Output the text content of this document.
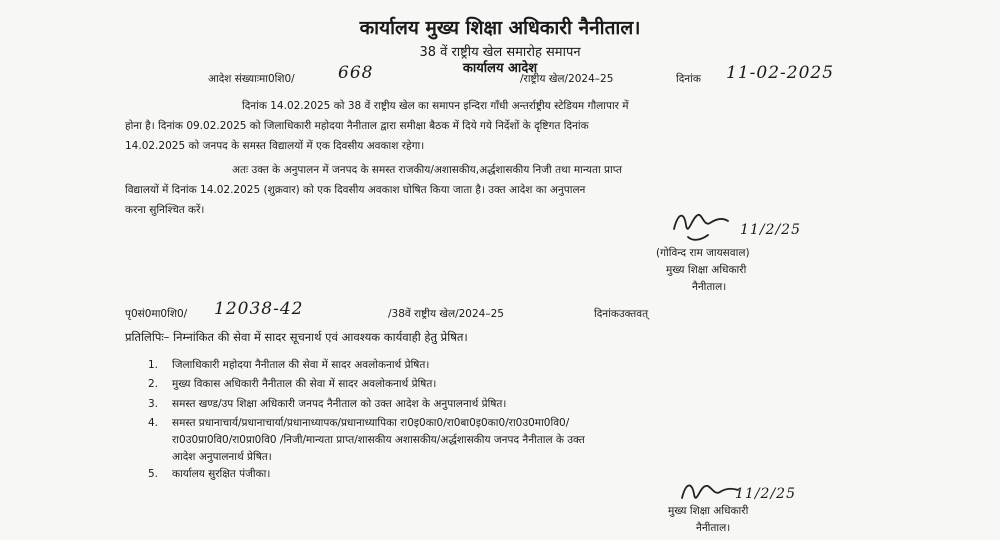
कार्यालय मुख्य शिक्षा अधिकारी नैनीताल।
38 वें राष्ट्रीय खेल समारोह समापन
कार्यालय आदेश
आदेश संख्याःमा0शि0/	668	/राष्ट्रीय खेल/2024–25	दिनांक 11-02-2025
दिनांक 14.02.2025 को 38 वें राष्ट्रीय खेल का समापन इन्दिरा गाँधी अन्तर्राष्ट्रीय स्टेडियम गौलापार में
होना है। दिनांक 09.02.2025 को जिलाधिकारी महोदया नैनीताल द्वारा समीक्षा बैठक में दिये गये निर्देशों के दृष्टिगत दिनांक
14.02.2025 को जनपद के समस्त विद्यालयों में एक दिवसीय अवकाश रहेगा।
अतः उक्त के अनुपालन में जनपद के समस्त राजकीय/अशासकीय,अर्द्धशासकीय निजी तथा मान्यता प्राप्त
विद्यालयों में दिनांक 14.02.2025 (शुक्रवार) को एक दिवसीय अवकाश घोषित किया जाता है। उक्त आदेश का अनुपालन
करना सुनिश्चित करें।
11/2/25
(गोविन्द राम जायसवाल)
मुख्य शिक्षा अधिकारी
नैनीताल।
पृ0सं0मा0शि0/ 12038-42	/38वें राष्ट्रीय खेल/2024–25	दिनांकउक्तवत्
प्रतिलिपिः– निम्नांकित की सेवा में सादर सूचनार्थ एवं आवश्यक कार्यवाही हेतु प्रेषित।
1. जिलाधिकारी महोदया नैनीताल की सेवा में सादर अवलोकनार्थ प्रेषित।
2. मुख्य विकास अधिकारी नैनीताल की सेवा में सादर अवलोकनार्थ प्रेषित।
3. समस्त खण्ड/उप शिक्षा अधिकारी जनपद नैनीताल को उक्त आदेश के अनुपालनार्थ प्रेषित।
4. समस्त प्रधानाचार्य/प्रधानाचार्या/प्रधानाध्यापक/प्रधानाध्यापिका रा0इ0का0/रा0बा0इ0का0/रा0उ0मा0वि0/
रा0उ0प्रा0वि0/रा0प्रा0वि0 /निजी/मान्यता प्राप्त/शासकीय अशासकीय/अर्द्धशासकीय जनपद नैनीताल के उक्त
आदेश अनुपालनार्थ प्रेषित।
5. कार्यालय सुरक्षित पंजीका।
11/2/25
मुख्य शिक्षा अधिकारी
नैनीताल।
